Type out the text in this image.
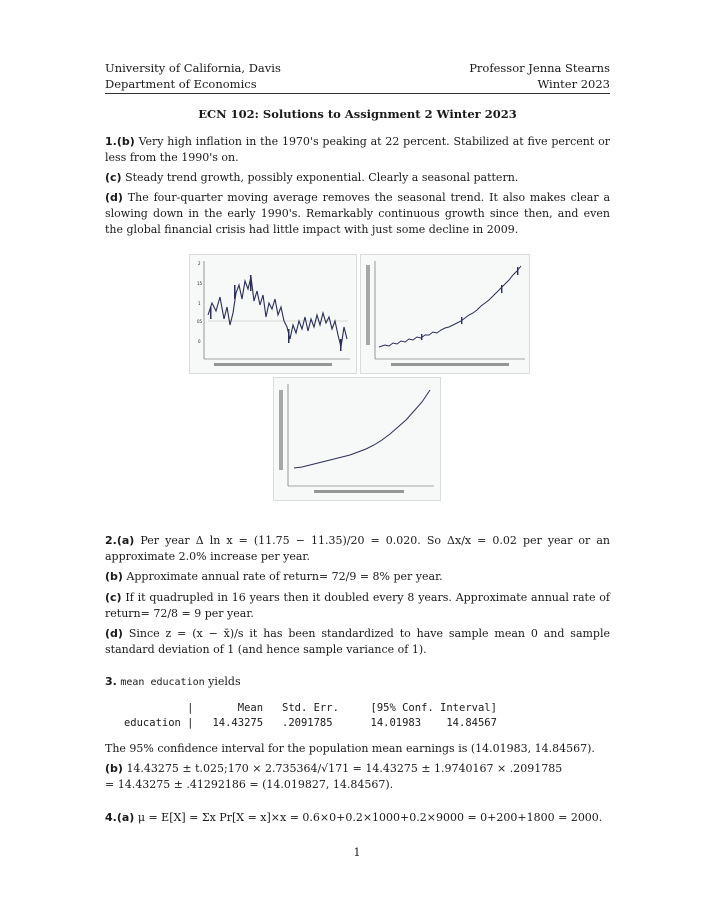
University of California, Davis	Professor Jenna Stearns
Department of Economics	Winter 2023
ECN 102: Solutions to Assignment 2 Winter 2023
1.(b) Very high inflation in the 1970's peaking at 22 percent. Stabilized at five percent or less from the 1990's on.
(c) Steady trend growth, possibly exponential. Clearly a seasonal pattern.
(d) The four-quarter moving average removes the seasonal trend. It also makes clear a slowing down in the early 1990's. Remarkably continuous growth since then, and even the global financial crisis had little impact with just some decline in 2009.
2
15
1
05
0
2.(a) Per year Δ ln x = (11.75 − 11.35)/20 = 0.020. So Δx/x = 0.02 per year or an approximate 2.0% increase per year.
(b) Approximate annual rate of return= 72/9 = 8% per year.
(c) If it quadrupled in 16 years then it doubled every 8 years. Approximate annual rate of return= 72/8 = 9 per year.
(d) Since z = (x − x̄)/s it has been standardized to have sample mean 0 and sample standard deviation of 1 (and hence sample variance of 1).
3. mean education yields
|       Mean   Std. Err.     [95% Conf. Interval]
education |   14.43275   .2091785      14.01983    14.84567
The 95% confidence interval for the population mean earnings is (14.01983, 14.84567).
(b) 14.43275 ± t.025;170 × 2.735364/√171 = 14.43275 ± 1.9740167 × .2091785
= 14.43275 ± .41292186 = (14.019827, 14.84567).
4.(a) μ = E[X] = Σx Pr[X = x]×x = 0.6×0+0.2×1000+0.2×9000 = 0+200+1800 = 2000.
1
